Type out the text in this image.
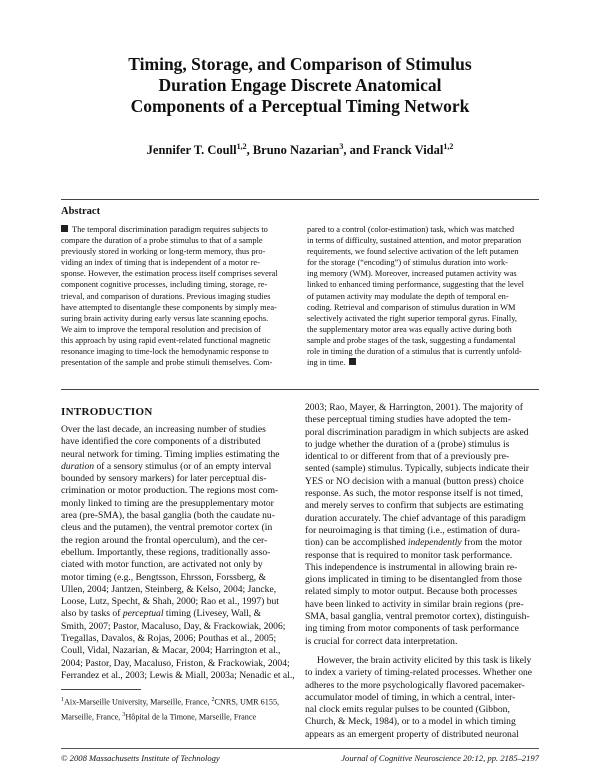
Timing, Storage, and Comparison of Stimulus
Duration Engage Discrete Anatomical
Components of a Perceptual Timing Network
Jennifer T. Coull$^{1,2}$, Bruno Nazarian$^3$, and Franck Vidal$^{1,2}$
Abstract
The temporal discrimination paradigm requires subjects to
compare the duration of a probe stimulus to that of a sample
previously stored in working or long-term memory, thus pro-
viding an index of timing that is independent of a motor re-
sponse. However, the estimation process itself comprises several
component cognitive processes, including timing, storage, re-
trieval, and comparison of durations. Previous imaging studies
have attempted to disentangle these components by simply mea-
suring brain activity during early versus late scanning epochs.
We aim to improve the temporal resolution and precision of
this approach by using rapid event-related functional magnetic
resonance imaging to time-lock the hemodynamic response to
presentation of the sample and probe stimuli themselves. Com-
pared to a control (color-estimation) task, which was matched
in terms of difficulty, sustained attention, and motor preparation
requirements, we found selective activation of the left putamen
for the storage (“encoding”) of stimulus duration into work-
ing memory (WM). Moreover, increased putamen activity was
linked to enhanced timing performance, suggesting that the level
of putamen activity may modulate the depth of temporal en-
coding. Retrieval and comparison of stimulus duration in WM
selectively activated the right superior temporal gyrus. Finally,
the supplementary motor area was equally active during both
sample and probe stages of the task, suggesting a fundamental
role in timing the duration of a stimulus that is currently unfold-
ing in time.
INTRODUCTION
Over the last decade, an increasing number of studies
have identified the core components of a distributed
neural network for timing. Timing implies estimating the
duration of a sensory stimulus (or of an empty interval
bounded by sensory markers) for later perceptual dis-
crimination or motor production. The regions most com-
monly linked to timing are the presupplementary motor
area (pre-SMA), the basal ganglia (both the caudate nu-
cleus and the putamen), the ventral premotor cortex (in
the region around the frontal operculum), and the cer-
ebellum. Importantly, these regions, traditionally asso-
ciated with motor function, are activated not only by
motor timing (e.g., Bengtsson, Ehrsson, Forssberg, &
Ullen, 2004; Jantzen, Steinberg, & Kelso, 2004; Jancke,
Loose, Lutz, Specht, & Shah, 2000; Rao et al., 1997) but
also by tasks of perceptual timing (Livesey, Wall, &
Smith, 2007; Pastor, Macaluso, Day, & Frackowiak, 2006;
Tregallas, Davalos, & Rojas, 2006; Pouthas et al., 2005;
Coull, Vidal, Nazarian, & Macar, 2004; Harrington et al.,
2004; Pastor, Day, Macaluso, Friston, & Frackowiak, 2004;
Ferrandez et al., 2003; Lewis & Miall, 2003a; Nenadic et al.,
2003; Rao, Mayer, & Harrington, 2001). The majority of
these perceptual timing studies have adopted the tem-
poral discrimination paradigm in which subjects are asked
to judge whether the duration of a (probe) stimulus is
identical to or different from that of a previously pre-
sented (sample) stimulus. Typically, subjects indicate their
YES or NO decision with a manual (button press) choice
response. As such, the motor response itself is not timed,
and merely serves to confirm that subjects are estimating
duration accurately. The chief advantage of this paradigm
for neuroimaging is that timing (i.e., estimation of dura-
tion) can be accomplished independently from the motor
response that is required to monitor task performance.
This independence is instrumental in allowing brain re-
gions implicated in timing to be disentangled from those
related simply to motor output. Because both processes
have been linked to activity in similar brain regions (pre-
SMA, basal ganglia, ventral premotor cortex), distinguish-
ing timing from motor components of task performance
is crucial for correct data interpretation.
However, the brain activity elicited by this task is likely
to index a variety of timing-related processes. Whether one
adheres to the more psychologically flavored pacemaker-
accumulator model of timing, in which a central, inter-
nal clock emits regular pulses to be counted (Gibbon,
Church, & Meck, 1984), or to a model in which timing
appears as an emergent property of distributed neuronal
$^1$Aix-Marseille University, Marseille, France, $^2$CNRS, UMR 6155,
Marseille, France, $^3$Hôpital de la Timone, Marseille, France
© 2008 Massachusetts Institute of Technology	Journal of Cognitive Neuroscience 20:12, pp. 2185–2197
